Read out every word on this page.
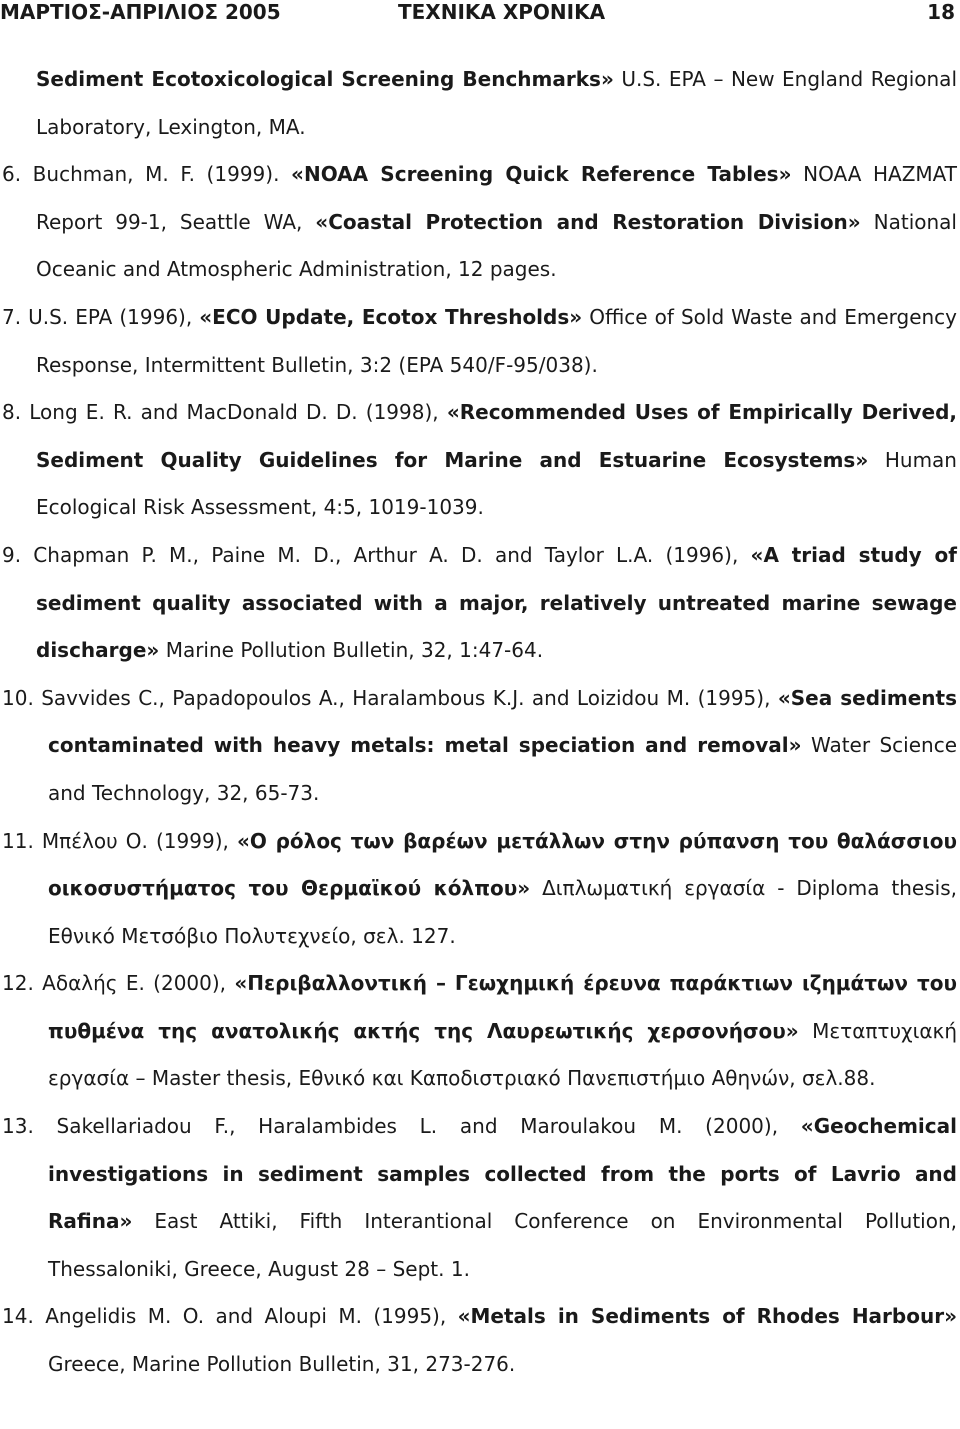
ΜΑΡΤΙΟΣ-ΑΠΡΙΛΙΟΣ 2005	ΤΕΧΝΙΚΑ ΧΡΟΝΙΚΑ	18

Sediment Ecotoxicological Screening Benchmarks» U.S. EPA – New England Regional Laboratory, Lexington, MA.

6. Buchman, M. F. (1999). «NOAA Screening Quick Reference Tables» NOAA HAZMAT Report 99-1, Seattle WA, «Coastal Protection and Restoration Division» National Oceanic and Atmospheric Administration, 12 pages.

7. U.S. EPA (1996), «ECO Update, Ecotox Thresholds» Office of Sold Waste and Emergency Response, Intermittent Bulletin, 3:2 (EPA 540/F-95/038).

8. Long E. R. and MacDonald D. D. (1998), «Recommended Uses of Empirically Derived, Sediment Quality Guidelines for Marine and Estuarine Ecosystems» Human Ecological Risk Assessment, 4:5, 1019-1039.

9. Chapman P. M., Paine M. D., Arthur A. D. and Taylor L.A. (1996), «A triad study of sediment quality associated with a major, relatively untreated marine sewage discharge» Marine Pollution Bulletin, 32, 1:47-64.

10. Savvides C., Papadopoulos A., Haralambous K.J. and Loizidou M. (1995), «Sea sediments contaminated with heavy metals: metal speciation and removal» Water Science and Technology, 32, 65-73.

11. Μπέλου Ο. (1999), «Ο ρόλος των βαρέων μετάλλων στην ρύπανση του θαλάσσιου οικοσυστήματος του Θερμαϊκού κόλπου» Διπλωματική εργασία - Diploma thesis, Εθνικό Μετσόβιο Πολυτεχνείο, σελ. 127.

12. Αδαλής Ε. (2000), «Περιβαλλοντική – Γεωχημική έρευνα παράκτιων ιζημάτων του πυθμένα της ανατολικής ακτής της Λαυρεωτικής χερσονήσου» Μεταπτυχιακή εργασία – Master thesis, Εθνικό και Καποδιστριακό Πανεπιστήμιο Αθηνών, σελ.88.

13. Sakellariadou F., Haralambides L. and Maroulakou M. (2000), «Geochemical investigations in sediment samples collected from the ports of Lavrio and Rafina» East Attiki, Fifth Interantional Conference on Environmental Pollution, Thessaloniki, Greece, August 28 – Sept. 1.

14. Angelidis M. O. and Aloupi M. (1995), «Metals in Sediments of Rhodes Harbour» Greece, Marine Pollution Bulletin, 31, 273-276.
